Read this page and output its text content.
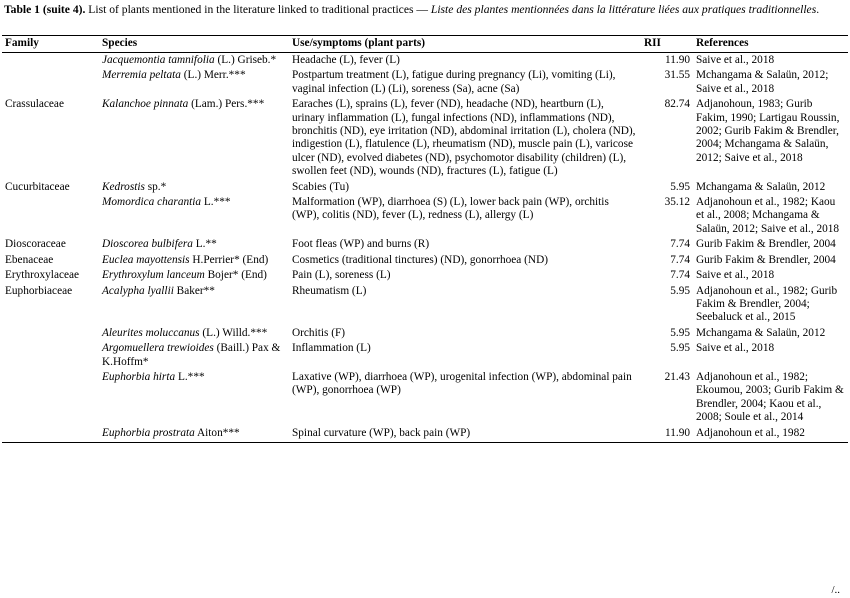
Table 1 (suite 4). List of plants mentioned in the literature linked to traditional practices — Liste des plantes mentionnées dans la littérature liées aux pratiques traditionnelles.
Family	Species	Use/symptoms (plant parts)	RII	References
	Jacquemontia tamnifolia (L.) Griseb.*	Headache (L), fever (L)	11.90	Saive et al., 2018
	Merremia peltata (L.) Merr.***	Postpartum treatment (L), fatigue during pregnancy (Li), vomiting (Li), vaginal infection (L) (Li), soreness (Sa), acne (Sa)	31.55	Mchangama & Salaün, 2012; Saive et al., 2018
Crassulaceae	Kalanchoe pinnata (Lam.) Pers.***	Earaches (L), sprains (L), fever (ND), headache (ND), heartburn (L), urinary inflammation (L), fungal infections (ND), inflammations (ND), bronchitis (ND), eye irritation (ND), abdominal irritation (L), cholera (ND), indigestion (L), flatulence (L), rheumatism (ND), muscle pain (L), varicose ulcer (ND), evolved diabetes (ND), psychomotor disability (children) (L), swollen feet (ND), wounds (ND), fractures (L), fatigue (L)	82.74	Adjanohoun, 1983; Gurib Fakim, 1990; Lartigau Roussin, 2002; Gurib Fakim & Brendler, 2004; Mchangama & Salaün, 2012; Saive et al., 2018
Cucurbitaceae	Kedrostis sp.*	Scabies (Tu)	5.95	Mchangama & Salaün, 2012
	Momordica charantia L.***	Malformation (WP), diarrhoea (S) (L), lower back pain (WP), orchitis (WP), colitis (ND), fever (L), redness (L), allergy (L)	35.12	Adjanohoun et al., 1982; Kaou et al., 2008; Mchangama & Salaün, 2012; Saive et al., 2018
Dioscoraceae	Dioscorea bulbifera L.**	Foot fleas (WP) and burns (R)	7.74	Gurib Fakim & Brendler, 2004
Ebenaceae	Euclea mayottensis H.Perrier* (End)	Cosmetics (traditional tinctures) (ND), gonorrhoea (ND)	7.74	Gurib Fakim & Brendler, 2004
Erythroxylaceae	Erythroxylum lanceum Bojer* (End)	Pain (L), soreness (L)	7.74	Saive et al., 2018
Euphorbiaceae	Acalypha lyallii Baker**	Rheumatism (L)	5.95	Adjanohoun et al., 1982; Gurib Fakim & Brendler, 2004; Seebaluck et al., 2015
	Aleurites moluccanus (L.) Willd.***	Orchitis (F)	5.95	Mchangama & Salaün, 2012
	Argomuellera trewioides (Baill.) Pax & K.Hoffm*	Inflammation (L)	5.95	Saive et al., 2018
	Euphorbia hirta L.***	Laxative (WP), diarrhoea (WP), urogenital infection (WP), abdominal pain (WP), gonorrhoea (WP)	21.43	Adjanohoun et al., 1982; Ekoumou, 2003; Gurib Fakim & Brendler, 2004; Kaou et al., 2008; Soule et al., 2014
	Euphorbia prostrata Aiton***	Spinal curvature (WP), back pain (WP)	11.90	Adjanohoun et al., 1982
/..
